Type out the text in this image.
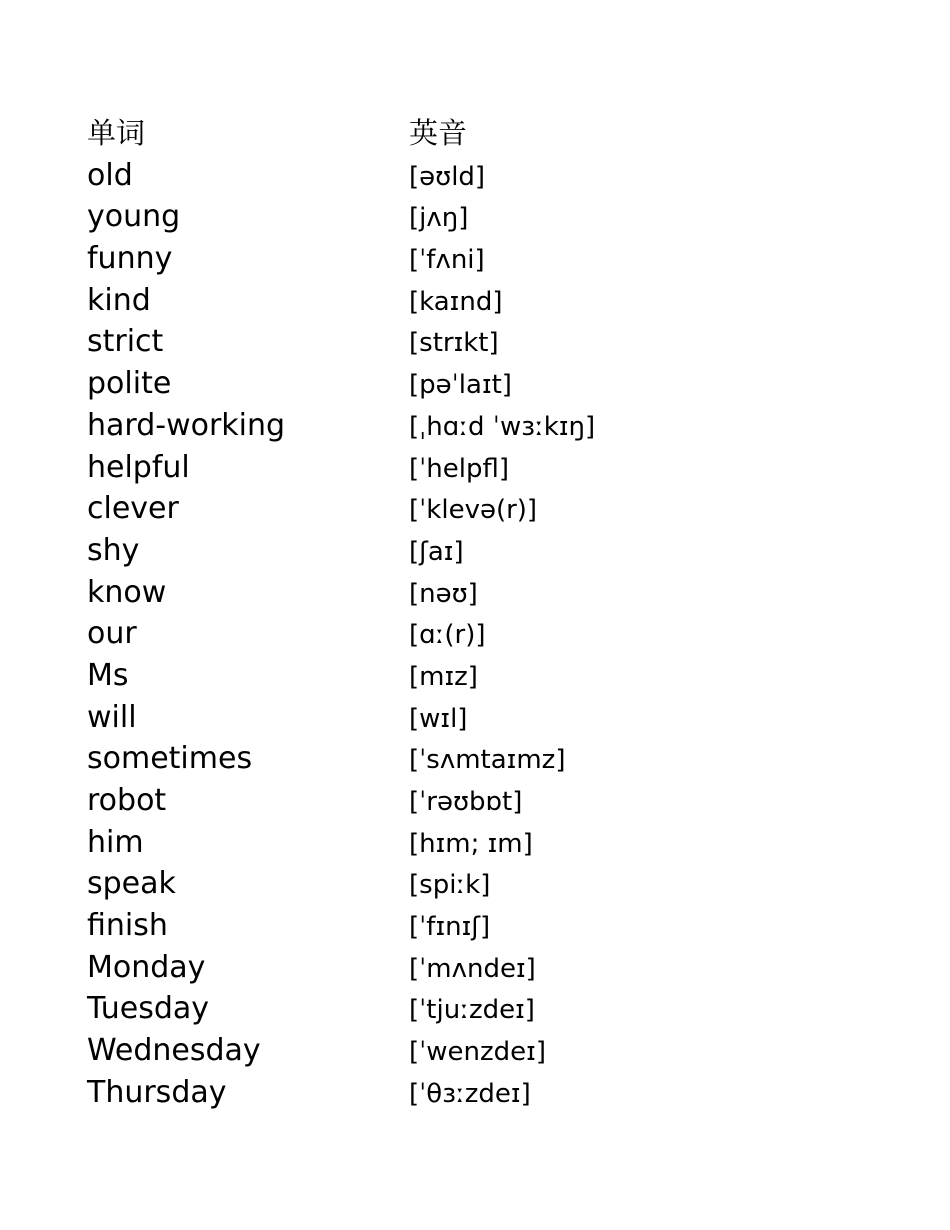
单词	英音
old	[əʊld]
young	[jʌŋ]
funny	[ˈfʌni]
kind	[kaɪnd]
strict	[strɪkt]
polite	[pəˈlaɪt]
hard-working	[ˌhɑːd ˈwɜːkɪŋ]
helpful	[ˈhelpfl]
clever	[ˈklevə(r)]
shy	[ʃaɪ]
know	[nəʊ]
our	[ɑː(r)]
Ms	[mɪz]
will	[wɪl]
sometimes	[ˈsʌmtaɪmz]
robot	[ˈrəʊbɒt]
him	[hɪm; ɪm]
speak	[spiːk]
finish	[ˈfɪnɪʃ]
Monday	[ˈmʌndeɪ]
Tuesday	[ˈtjuːzdeɪ]
Wednesday	[ˈwenzdeɪ]
Thursday	[ˈθɜːzdeɪ]
